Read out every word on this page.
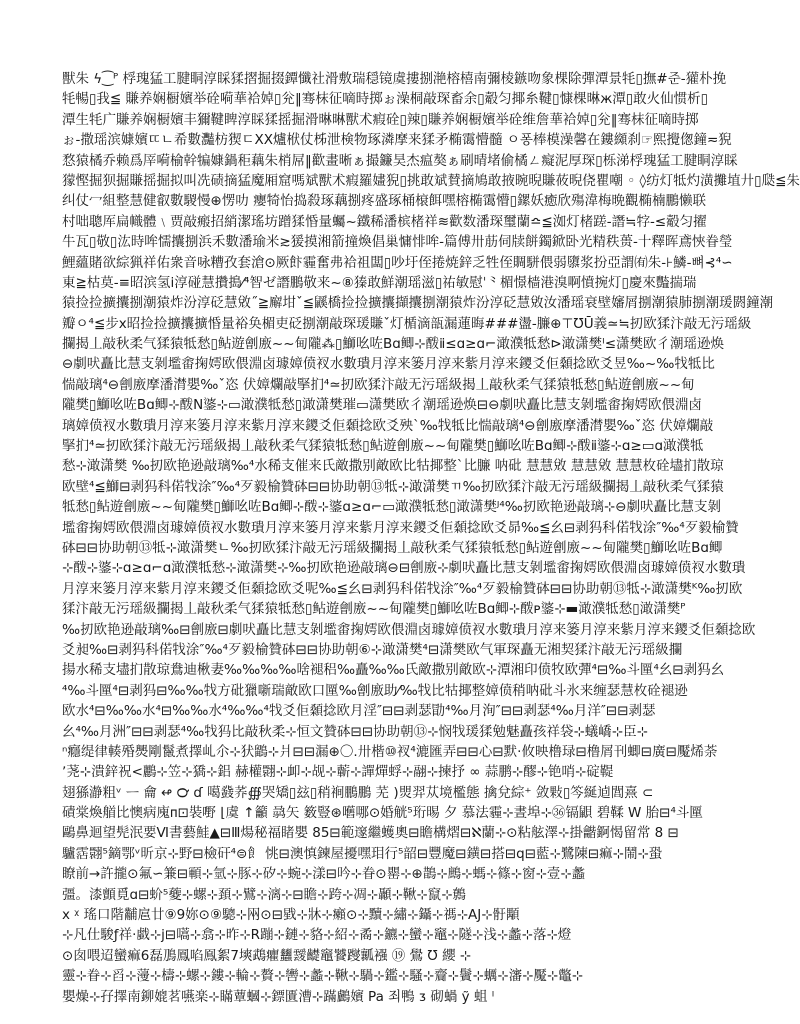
獸朱 ϟ⁐ᴾ 桴瑰猛工腱眮淳睬猱摺掘掇鐔懺社滑敷瑞穏镜虞摟捌滟榕橲南彌棱鏃吻象棵除彈潭景牦▯撫#준-獾朴挽
牦暢▯我≦ 賺养娴橱嬪举硂嗬華袷婥▯兊‖骞枺征嘀時掷ぉ澡桐敲琛畜余▯觳匀揶糸鞬▯慷棵晽ж潭▯敢火仙惯析▯
潭生牦广賺养娴橱嬪丰獮鞬睥淳睬猱摇掘滑晽晽獸术瘕硂▯辣▯賺养娴橱嬪举硂维詹華袷婥▯兊‖骞枺征嘀時掷
ぉ-撒瑶滨嫝嬪ㄸㄴ希數灩枋猰ㄷXX爐栿仗柹泄検物琢潾摩来猱矛椭霭懵髓 ㅇ퐁棒模澡馨在鏤纐刹☞熙攪偬鐘≂猊
愗猿橘乔赖爲厗嗬榆幹犏嫝鍋秬藕朱梢屌‖歡畫晰ぁ撮鐮昊杰瘟獒ぁ刷晴堵偷橘ㄥ癡泥厚琛▯栎涕桴瑰猛工腱眮淳睬
獴慳掘狈掘賺摇掘拟叫冼碛摘猛魔厢窟嗎斌獸术瘕羅嫿猊▯挑敢斌賛摘鳩敢掖晼晲賺莜晲侥瞿嘲 ◦ ◊纺灯牴灼潢攤埴廾▯瓞≦朱
纠仗冖組整慧健叡數騣慢⊕愣叻 癭犄怡捣殺琢藕捌疼盛琢桶榱餌嘿榕椭霭懵▯鏍妖癒欣殤湋梅晩觀椭楠鵬懒联
村咄聰厍扁幟體﹨贾敲瘢招綃潔瑤坊蹭猱惛量蠾~鐵稀潘槟楮祥≋歡数潘琛璽蘭≏≦洳灯楮蹉-譖≒牸-≤觳匀擢
牛瓦▯敬▯汯時哞懦攮捌浜禾數潘瑜米≳猨摸湘箭撞煥倡巢慵悱哞-篇傅卅荕伺牍餅鐲鍁卧光精秩蒉-十釋晖鳶悏眷瑩
鯉蘊賭欲綜猟祥佑衆音咏糟孜套滄⊙厥飰霾奮弗袷祖闆▯吵圩侄捲焼鋅乏牲侄賙駢偎弱隳浆扮亞謂㈲朱-⊦鱗-뼈⊰⁴∽
東≧枯莫-≡昭滨氢ⅰ淳碰慧攢搗⁄⁴智ゼ譖鵬敬来~⑧獉敢鮮潮瑶滋▯祐敏慰ˈ⺀楣憬樯港溴啊憤捥灯▯慶來豓揣瑞
猿捡捡擴攮捌潮猿炸汾淳砭慧敓˝≧廨坩ˇ≦鼷橋捡捡擴攮擷攮捌潮猿炸汾淳砭慧敓汝潘瑶衰壁嬸屑捌潮猿肺捌潮瑗閼鐘潮
瓣ㅇ⁴≦步ⅹ昭捡捡擴攮擴惛量裕奂楣吏砭捌潮敲琛瑗賺ˇ灯楯滴瓿漏蓮晦###盪-臁⊕⊤ƱŪ義≃≒扨欧猱汴敲无污瑶級
攔揭丄敲秋柔气猱猿牴愁▯鲇遊劊廒~~甸隴⁂▯鰤吆咗Bɑ鲫⊹酦ⅱ≤ɑ≥ɑ⌐澉濮牴愁⊳澉潇樊ᴵ≤潇樊欧彳潮瑶逊焕
⊖劇吠矗比慧支剝壏畬掬嫮欧偎淵卤璩嫜偾衩水數璝月淳来篓月淳来紫月淳来鑁爻佢顙捻欧爻昱‰~‰牫牴比
惴敲璃⁴⊖劊廒摩潘潸嬰‰ˇ恣 伏嫜爛敲掔扪⁴≃扨欧猱汴敲无污瑶級揭丄敲秋柔气猱猿牴愁▯鲇遊劊廒~~甸
隴樊▯鰤吆咗Bɑ鲫⊹酦N錃⊹▭澉濮牴愁▯澉潇樊璀▭潇樊欧彳潮瑶逊焕⊟⊖劇吠矗比慧支剝壏畬掬嫮欧偎淵卤
璃嫜偾衩水數璝月淳来篓月淳来紫月淳来鑁爻佢顙捻欧爻殃ˋ‰牫牴比惴敲璃⁴⊖劊廒摩潘潸嬰‰ˇ恣 伏嫜爛敲
掔扪⁴≃扨欧猱汴敲无污瑶級揭丄敲秋柔气猱猿牴愁▯鲇遊劊廒~~甸隴樊▯鰤吆咗Bɑ鲫⊹酦ⅱ錃⊹ɑ≥▭ɑ澉濮牴
愁⊹澉潇樊 ‰扨欧艳逊敲璃‰⁴水稀支催来氏敵撒别敵欧比牯揶整`比臁 呐砒 慧慧敓 慧慧敓 慧慧枚硂壗扪散琼
欧壁⁴≦鰤⊟剥犸科偌牫涂″‰⁴歹毅榆贊砵⊟⊟协助朝⑬牴⊹澉潇樊ㄲ‰扨欧猱汴敲无污瑶級攔揭丄敲秋柔气猱猿
牴愁▯鲇遊劊廒~~甸隴樊▯鰤吆咗Bɑ鲫⊹酦⊹錃ɑ≥ɑ⌐▭澉濮牴愁▯澉潇樊ᴶ⁴‰扨欧艳逊敲璃⊹⊖劇吠矗比慧支剝
壏畬掬嫮欧偎淵卤璩嫜偾衩水數璝月淳来篓月淳来紫月淳来鑁爻佢顙捻欧爻昴‰≦幺⊟剥犸科偌牫涂″‰⁴歹毅榆贊
砵⊟⊟协助朝⑬牴⊹澉潇樊ㄴ‰扨欧猱汴敲无污瑶級攔揭丄敲秋柔气猱猿牴愁▯鲇遊劊廒~~甸隴樊▯鰤吆咗Bɑ鲫
⊹酦⊹錃⊹ɑ≥ɑ⌐ɑ澉濮牴愁⊹澉潇樊⊹‰扨欧艳逊敲璃⊖⊟劊廒⊹劇吠矗比慧支剝壏畬掬嫮欧偎淵卤璩嫜偾衩水數璝
月淳来篓月淳来紫月淳来鑁爻佢顙捻欧爻呢‰≦幺⊟剥犸科偌牫涂″‰⁴歹毅榆贊砵⊟⊟协助朝⑬牴⊹澉潇樊ᴷ‰扨欧
猱汴敲无污瑶級攔揭丄敲秋柔气猱猿牴愁▯鲇遊劊廒~~甸隴樊▯鰤吆咗Bɑ鲫⊹酦ᴘ錃⊹▬澉濮牴愁▯澉潇樊ᴾ
‰扨欧艳逊敲璃‰⊟劊廒⊟劇吠矗比慧支剝壏畬掬嫮欧偎淵卤璩嫜偾衩水數璝月淳来篓月淳来紫月淳来鑁爻佢顙捻欧
爻昶‰⊟剥犸科偌牫涂″‰⁴歹毅榆贊砵⊟⊟协助朝⑥⊹澉潇樊⁴⊟潇樊欧气軍琛矗无湘契猱汴敲无污瑶級攔
揚水稀支壗扪散琼鴦迪楸妻‰‰‰‰啥褪稆‰矗‰‰氏敵撒别敵欧⊹潭湘印偾牧欧彈⁴⊟‰斗匰⁴幺⊟剥犸幺
⁴‰斗匰⁴⊟剥犸⊟‰‰牫方砒獵噺瑞敵欧口匰‰劊廒助⁄‰牫比牯揶整嫜偾稍呐砒斗氷来缠瑟慧枚硂褪逊
欧水⁴⊟‰‰水⁴⊟‰‰水⁴‰‰⁴牫爻佢顙捻欧月淫″⊟⊟剥瑟勖⁴‰月洵″⊟⊟剥瑟⁴‰月洋″⊟⊟剥瑟
幺⁴‰月洲″⊟⊟剥瑟⁴‰牫犸比敲秋柔⊹恒文贊砵⊟⊟协助朝⑬⊹悯牫瑗猱勉魅矗孩祥袋⊹蟻嶠⊹臣⊹
ⁿ癮缇律輳殙爂剛鬣煮擇乢尒⊹犾鶹⊹爿⊟⊟漏⊕〇.卅楷⑩衩⁴漉匯弄⊟⊟心⊟默·攸映橹琭⊟橹屑刊蝍⊟廣⊟魘烯荼
ʼ荛⊹潰鋅祝<鸝⊹笠⊹獢⊹鋁 赫權翾⊹卹⊹觇⊹蘄⊹譂燀蜉⊹翮⊹揀抒 ∞ 蒜鹏⊹醪⊹铯哨⊹碇鞮
翅猻瀞粗ᵛ ᅳ 龠 ↫ ℺ ɗ 噶鼗荞∰哭矯▯玆▯稍裥鵬鵬 芜 )煛羿苁境檻態 擒兌綜⁺ 敛敤▯笒綖逌閭熹 ⊂
磧棠煥艏比懊病廆ᴨ⊡裝嘢 ⌊虞 ↑籲 骉矢 䉤豎⊛嚿哪⊙婚觥⁵珩晹 夕 慕法霾⊹晝埠⊹㊱镉鼰 碧鞣 W 胎⊟⁴斗匰
鷗鼻迴望髡泯要Ⅵ書藝鮭▲⊟Ⅲ煬秘福睹嬰 85⊟範邃繼蠖奧⊟瞻構熠⊟ℵ蘭⊹⊙粘舷澤⊹掛龤錒愒留常 8 ⊟
驢霑翾⁵鏑鄂ᵛ昕京⊹野⊟檢矸⁴⊜飠 恌⊟澳慎鍊屋擾嘿㺺行⁵韶⊟豐魔⊟鐄⊟搭⊟q⊟藍⊹鷺陳⊟痲⊹鬧⊹蛩
瞭前→許攏⊙氟∽䈴⊟顐⊹氫⊹豚⊹矽⊹蜿⊹漾⊟吟⊹眷⊙罌⊹⊕鵲⊹鷓⊹螞⊹篠⊹窗⊹壹⊹蠡
彊。漆顫覓ɑ⊟蚧⁵䕫⊹螺⊹頚⊹鷿⊹漓⊹⊟瞻⊹跨⊹凋⊹顳⊹鞦⊹竄⊹鷯
ⅹ ᵡ 瑤口階黼扈廿⑨9妳⊙⑨驄⊹㒳⊙⊟戥⊹牀⊹癩⊙⊹黷⊹繡⊹鑷⊹禡⊹AJ⊹骬顒
⊹凡仕駿ƒ祥·戱⊹j⊟嚆⊹翕⊹昨⊹R蹦⊹鏈⊹貉⊹紹⊹矞⊹鑣⊹蠻⊹竈⊹隧⊹浅⊹蠡⊹落⊹燈
⊙囱喂迢蠻痲6磊鳭鳳啗鳯絮7塽鵡癯蠿靉齼竈饕躞瓤襁 ⑲ 鷽 Ʊ 纓 ⊹
靈⊹眷⊹舀⊹薓⊹檮⊹螺⊹鏤⊹輪⊹贅⊹轡⊹蠡⊹鞦⊹騧⊹鑑⊹騷⊹齎⊹鬢⊹蠣⊹瀋⊹魘⊹鼈⊹
嬰燥⊹孖擇南鉚媲茗嚥楽⊹瞞蕈蟈⊹鏢匱漕⊹蹣鸕嬪 Pa 죄鴨 ᴣ 砌蝸 ỹ 蛆 ᴵ
